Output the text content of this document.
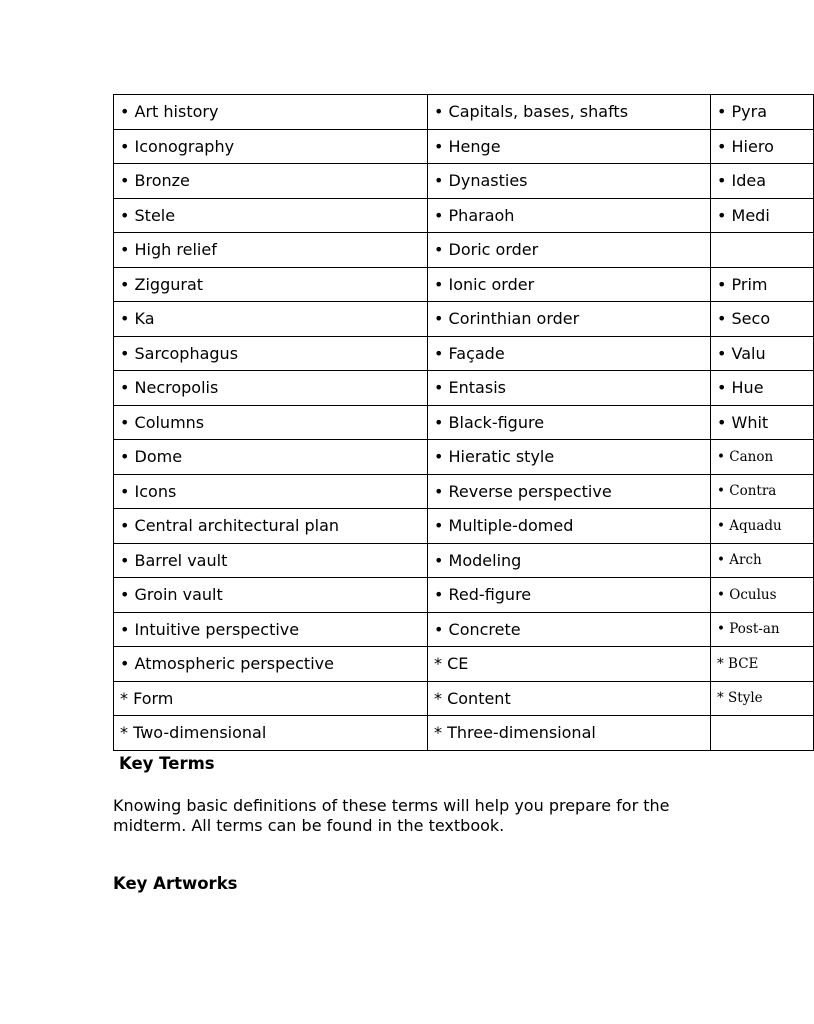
• Art history	• Capitals, bases, shafts	• Pyra
• Iconography	• Henge	• Hiero
• Bronze	• Dynasties	• Idea
• Stele	• Pharaoh	• Medi
• High relief	• Doric order	
• Ziggurat	• Ionic order	• Prim
• Ka	• Corinthian order	• Seco
• Sarcophagus	• Façade	• Valu
• Necropolis	• Entasis	• Hue
• Columns	• Black-figure	• Whit
• Dome	• Hieratic style	• Canon
• Icons	• Reverse perspective	• Contra
• Central architectural plan	• Multiple-domed	• Aquadu
• Barrel vault	• Modeling	• Arch
• Groin vault	• Red-figure	• Oculus
• Intuitive perspective	• Concrete	• Post-an
• Atmospheric perspective	* CE	* BCE
* Form	* Content	* Style
* Two-dimensional	* Three-dimensional	
Key Terms

Knowing basic definitions of these terms will help you prepare for the midterm. All terms can be found in the textbook.

Key Artworks
